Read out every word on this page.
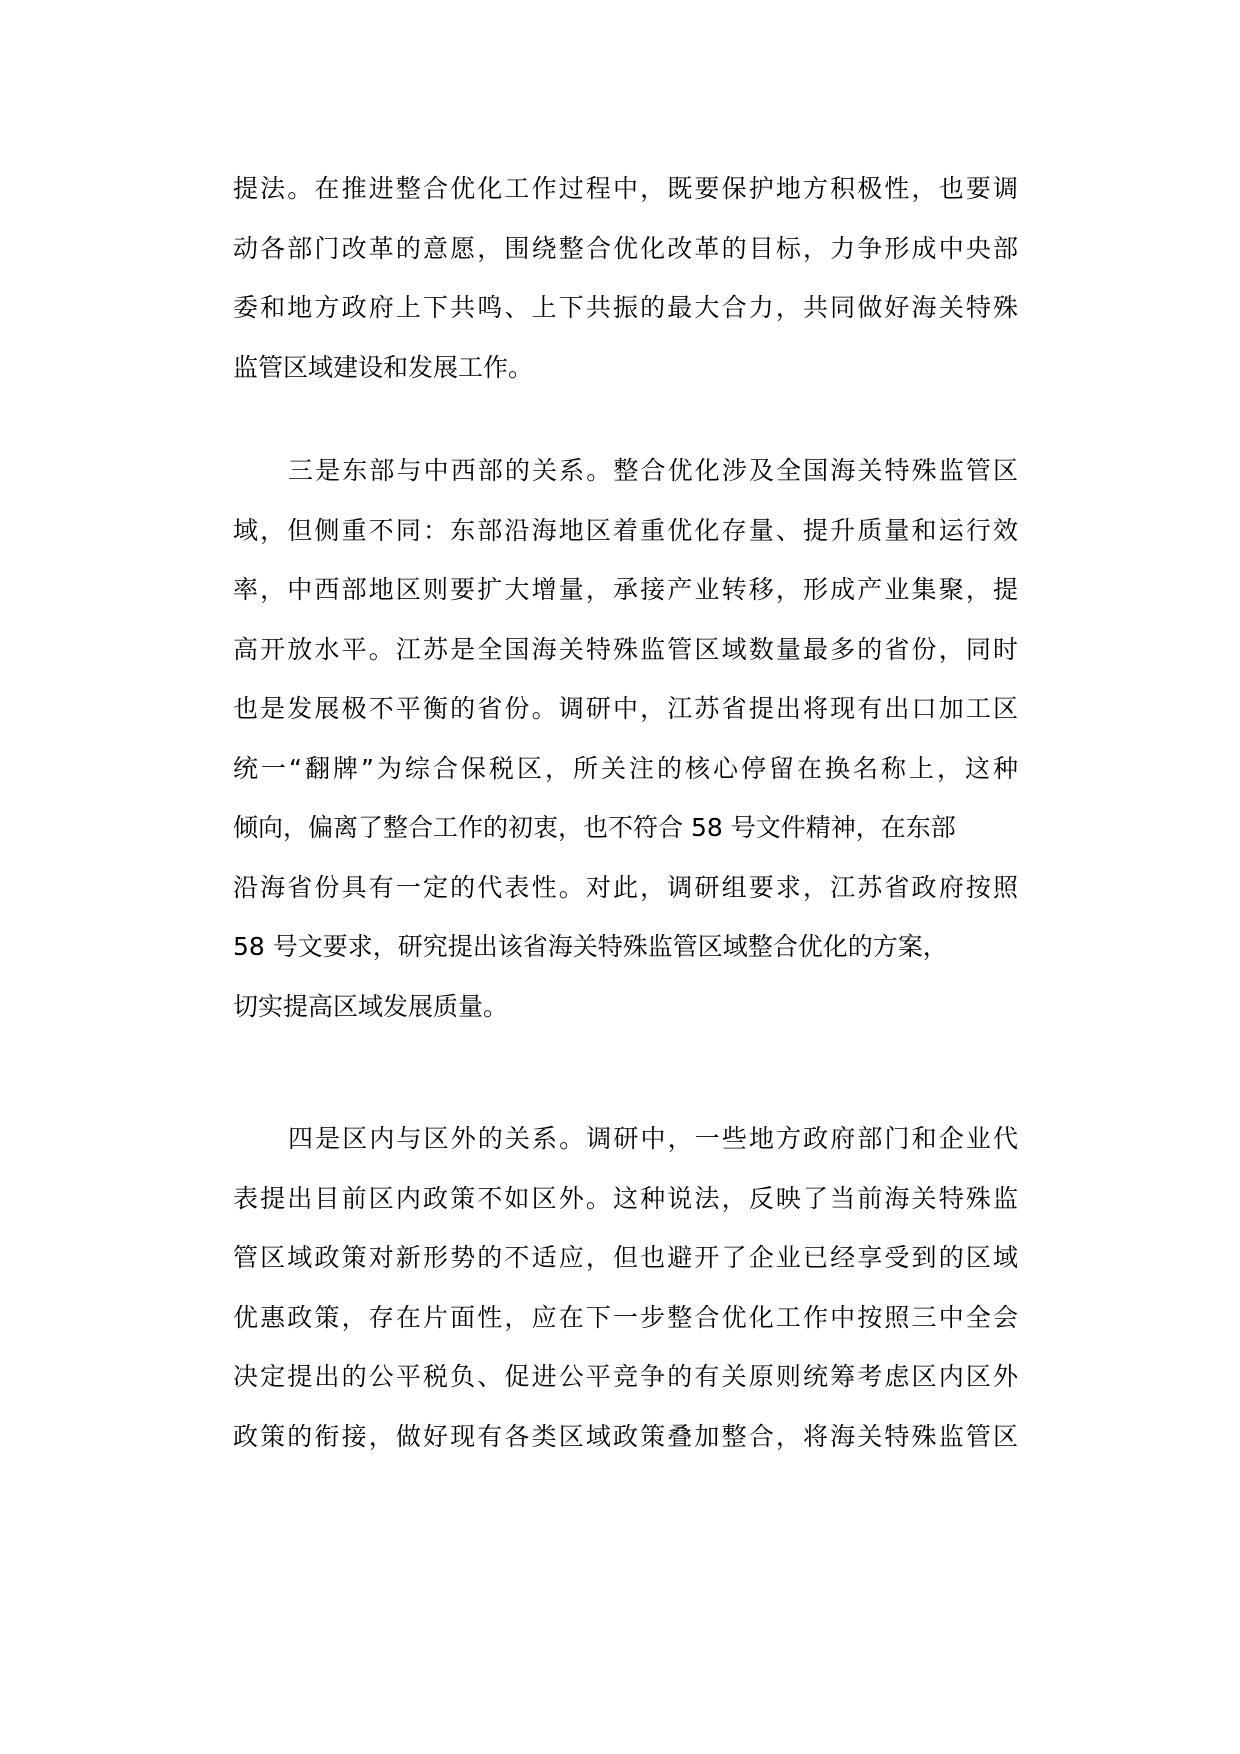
提法。在推进整合优化工作过程中，既要保护地方积极性，也要调
动各部门改革的意愿，围绕整合优化改革的目标，力争形成中央部
委和地方政府上下共鸣、上下共振的最大合力，共同做好海关特殊
监管区域建设和发展工作。
三是东部与中西部的关系。整合优化涉及全国海关特殊监管区
域，但侧重不同：东部沿海地区着重优化存量、提升质量和运行效
率，中西部地区则要扩大增量，承接产业转移，形成产业集聚，提
高开放水平。江苏是全国海关特殊监管区域数量最多的省份，同时
也是发展极不平衡的省份。调研中，江苏省提出将现有出口加工区
统一“翻牌”为综合保税区，所关注的核心停留在换名称上，这种
倾向，偏离了整合工作的初衷，也不符合 58 号文件精神，在东部
沿海省份具有一定的代表性。对此，调研组要求，江苏省政府按照
58 号文要求，研究提出该省海关特殊监管区域整合优化的方案，
切实提高区域发展质量。
四是区内与区外的关系。调研中，一些地方政府部门和企业代
表提出目前区内政策不如区外。这种说法，反映了当前海关特殊监
管区域政策对新形势的不适应，但也避开了企业已经享受到的区域
优惠政策，存在片面性，应在下一步整合优化工作中按照三中全会
决定提出的公平税负、促进公平竞争的有关原则统筹考虑区内区外
政策的衔接，做好现有各类区域政策叠加整合，将海关特殊监管区
